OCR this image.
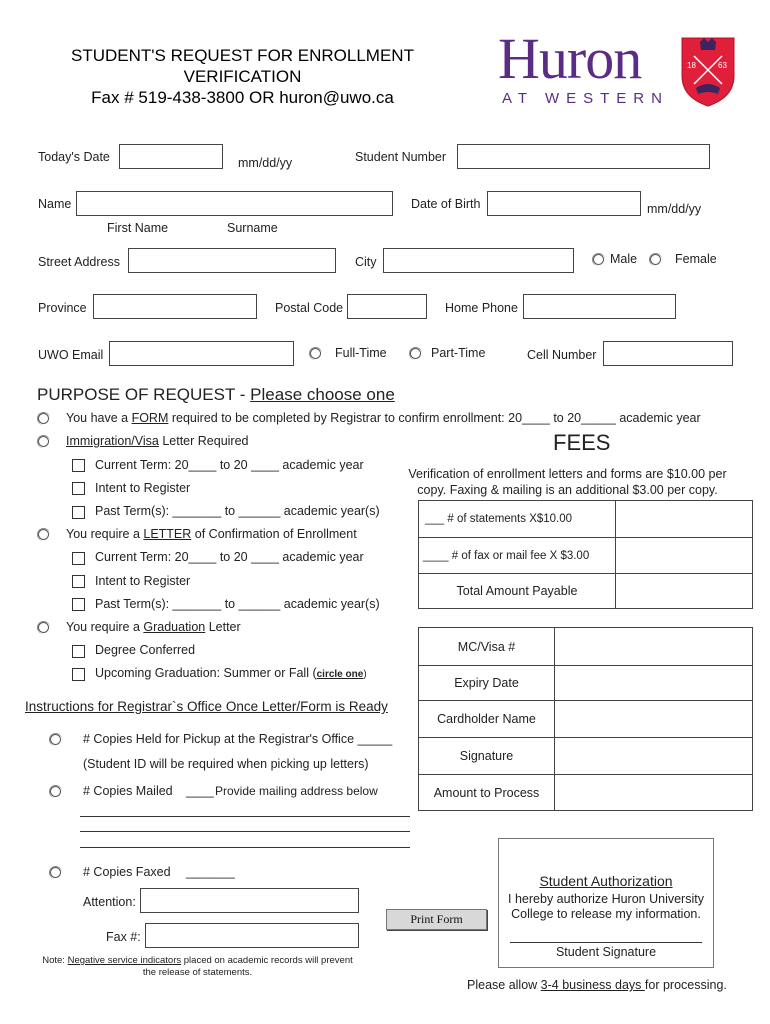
STUDENT'S REQUEST FOR ENROLLMENT
VERIFICATION
Fax # 519-438-3800 OR huron@uwo.ca
Huron
AT WESTERN
18	63
Today's Date	mm/dd/yy	Student Number
Name	Date of Birth	mm/dd/yy
First Name	Surname
Street Address	City	Male	Female
Province	Postal Code	Home Phone
UWO Email	Full-Time	Part-Time	Cell Number
PURPOSE OF REQUEST - Please choose one
You have a FORM required to be completed by Registrar to confirm enrollment: 20____ to 20_____ academic year
Immigration/Visa Letter Required
Current Term: 20____ to 20 ____ academic year
Intent to Register
Past Term(s): _______ to ______ academic year(s)
You require a LETTER of Confirmation of Enrollment
Current Term: 20____ to 20 ____ academic year
Intent to Register
Past Term(s): _______ to ______ academic year(s)
You require a Graduation Letter
Degree Conferred
Upcoming Graduation: Summer or Fall (circle one)
FEES
Verification of enrollment letters and forms are $10.00 per
copy. Faxing & mailing is an additional $3.00 per copy.
___ # of statements X$10.00	
____ # of fax or mail fee X $3.00	
Total Amount Payable	
MC/Visa #	
Expiry Date	
Cardholder Name	
Signature	
Amount to Process	
Instructions for Registrar`s Office Once Letter/Form is Ready
# Copies Held for Pickup at the Registrar's Office _____
(Student ID will be required when picking up letters)
# Copies Mailed ____ Provide mailing address below
# Copies Faxed _______
Attention:
Fax #:
Student Authorization
I hereby authorize Huron University
College to release my information.
Student Signature
Print Form
Note: Negative service indicators placed on academic records will prevent
the release of statements.
Please allow 3-4 business days for processing.
